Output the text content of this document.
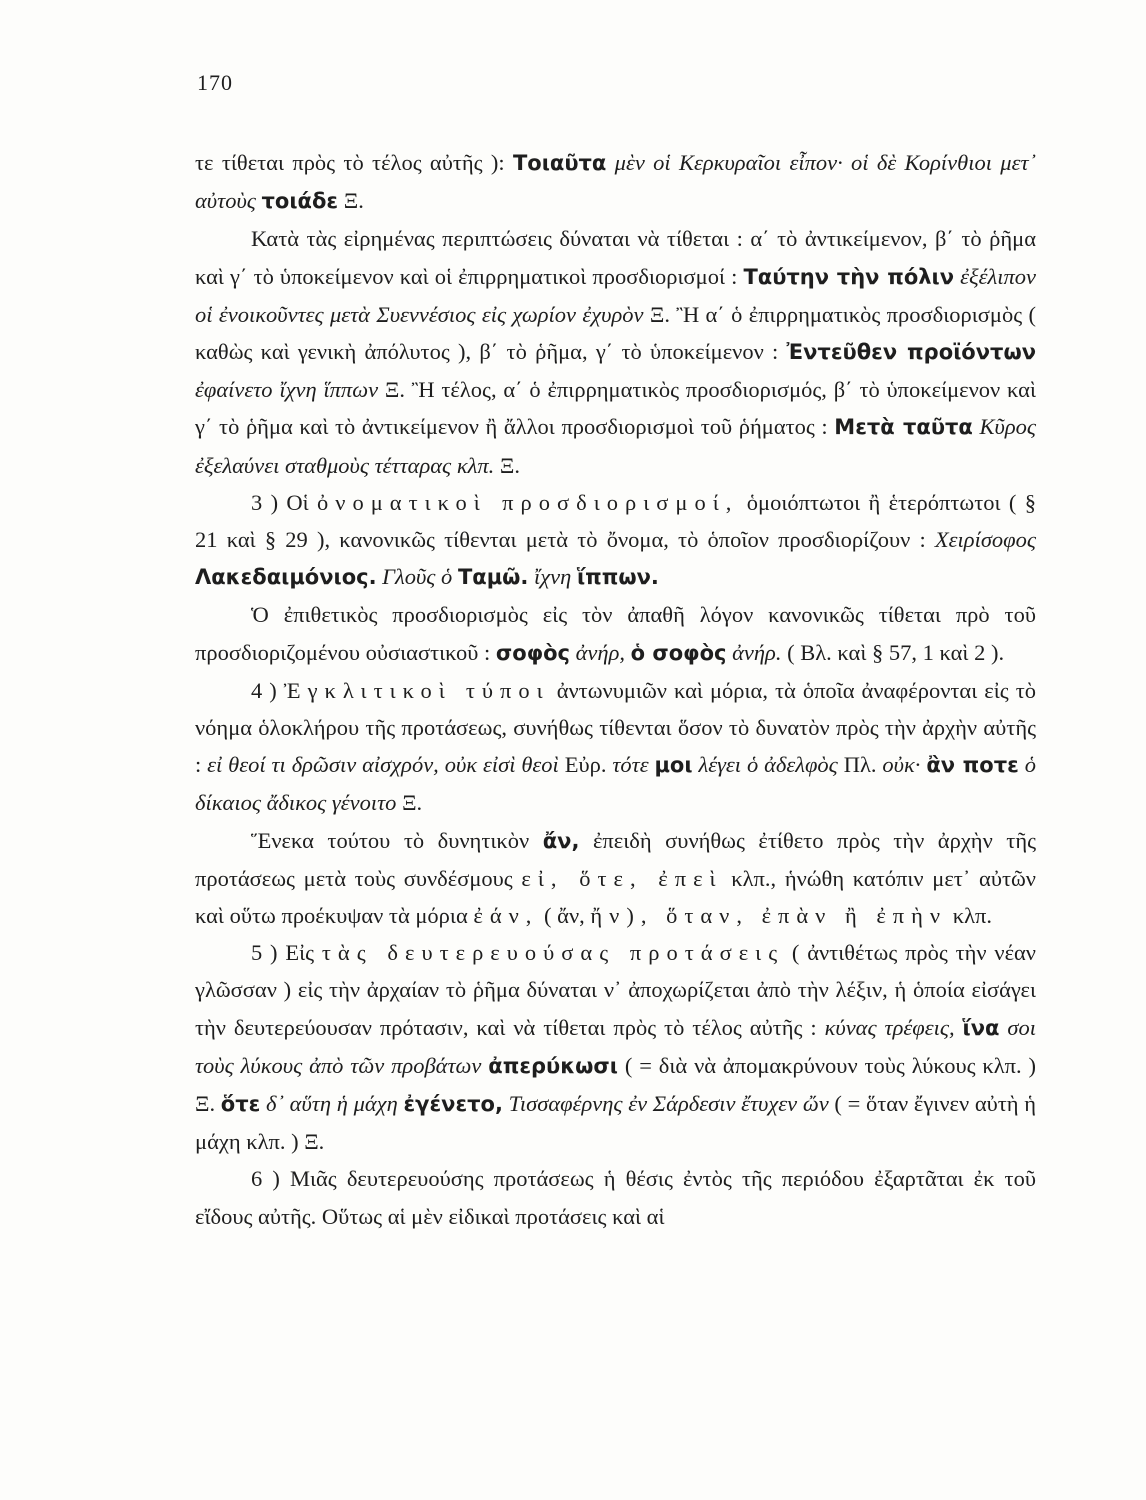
170

τε τίθεται πρὸς τὸ τέλος αὐτῆς ): Τοιαῦτα μὲν οἱ Κερκυραῖοι εἶπον· οἱ δὲ Κορίνθιοι μετ᾽ αὐτοὺς τοιάδε Ξ.

Κατὰ τὰς εἰρημένας περιπτώσεις δύναται νὰ τίθεται : α΄ τὸ ἀντικείμενον, β΄ τὸ ῥῆμα καὶ γ΄ τὸ ὑποκείμενον καὶ οἱ ἐπιρρηματικοὶ προσδιορισμοί : Ταύτην τὴν πόλιν ἐξέλιπον οἱ ἐνοικοῦντες μετὰ Συεννέσιος εἰς χωρίον ἐχυρὸν Ξ. Ἢ α΄ ὁ ἐπιρρηματικὸς προσδιορισμὸς ( καθὼς καὶ γενικὴ ἀπόλυτος ), β΄ τὸ ῥῆμα, γ΄ τὸ ὑποκείμενον : Ἐντεῦθεν προϊόντων ἐφαίνετο ἴχνη ἵππων Ξ. Ἢ τέλος, α΄ ὁ ἐπιρρηματικὸς προσδιορισμός, β΄ τὸ ὑποκείμενον καὶ γ΄ τὸ ῥῆμα καὶ τὸ ἀντικείμενον ἢ ἄλλοι προσδιορισμοὶ τοῦ ῥήματος : Μετὰ ταῦτα Κῦρος ἐξελαύνει σταθμοὺς τέτταρας κλπ. Ξ.

3 ) Οἱ ὀνοματικοὶ προσδιορισμοί, ὁμοιόπτωτοι ἢ ἑτερόπτωτοι ( § 21 καὶ § 29 ), κανονικῶς τίθενται μετὰ τὸ ὄνομα, τὸ ὁποῖον προσδιορίζουν : Χειρίσοφος Λακεδαιμόνιος. Γλοῦς ὁ Ταμῶ. ἴχνη ἵππων.

Ὁ ἐπιθετικὸς προσδιορισμὸς εἰς τὸν ἀπαθῆ λόγον κανονικῶς τίθεται πρὸ τοῦ προσδιοριζομένου οὐσιαστικοῦ : σοφὸς ἀνήρ, ὁ σοφὸς ἀνήρ. ( Βλ. καὶ § 57, 1 καὶ 2 ).

4 ) Ἐγκλιτικοὶ τύποι ἀντωνυμιῶν καὶ μόρια, τὰ ὁποῖα ἀναφέρονται εἰς τὸ νόημα ὁλοκλήρου τῆς προτάσεως, συνήθως τίθενται ὅσον τὸ δυνατὸν πρὸς τὴν ἀρχὴν αὐτῆς : εἰ θεοί τι δρῶσιν αἰσχρόν, οὐκ εἰσὶ θεοὶ Εὐρ. τότε μοι λέγει ὁ ἀδελφὸς Πλ. οὐκ· ἂν ποτε ὁ δίκαιος ἄδικος γένοιτο Ξ.

Ἕνεκα τούτου τὸ δυνητικὸν ἄν, ἐπειδὴ συνήθως ἐτίθετο πρὸς τὴν ἀρχὴν τῆς προτάσεως μετὰ τοὺς συνδέσμους εἰ, ὅτε, ἐπεὶ κλπ., ἡνώθη κατόπιν μετ᾽ αὐτῶν καὶ οὕτω προέκυψαν τὰ μόρια ἐάν, ( ἄν, ἤν), ὅταν, ἐπὰν ἢ ἐπὴν κλπ.

5 ) Εἰς τὰς δευτερευούσας προτάσεις ( ἀντιθέτως πρὸς τὴν νέαν γλῶσσαν ) εἰς τὴν ἀρχαίαν τὸ ῥῆμα δύναται ν᾽ ἀποχωρίζεται ἀπὸ τὴν λέξιν, ἡ ὁποία εἰσάγει τὴν δευτερεύουσαν πρότασιν, καὶ νὰ τίθεται πρὸς τὸ τέλος αὐτῆς : κύνας τρέφεις, ἵνα σοι τοὺς λύκους ἀπὸ τῶν προβάτων ἀπερύκωσι ( = διὰ νὰ ἀπομακρύνουν τοὺς λύκους κλπ. ) Ξ. ὅτε δ᾽ αὕτη ἡ μάχη ἐγένετο, Τισσαφέρνης ἐν Σάρδεσιν ἔτυχεν ὤν ( = ὅταν ἔγινεν αὐτὴ ἡ μάχη κλπ. ) Ξ.

6 ) Μιᾶς δευτερευούσης προτάσεως ἡ θέσις ἐντὸς τῆς περιόδου ἐξαρτᾶται ἐκ τοῦ εἴδους αὐτῆς. Οὕτως αἱ μὲν εἰδικαὶ προτάσεις καὶ αἱ
